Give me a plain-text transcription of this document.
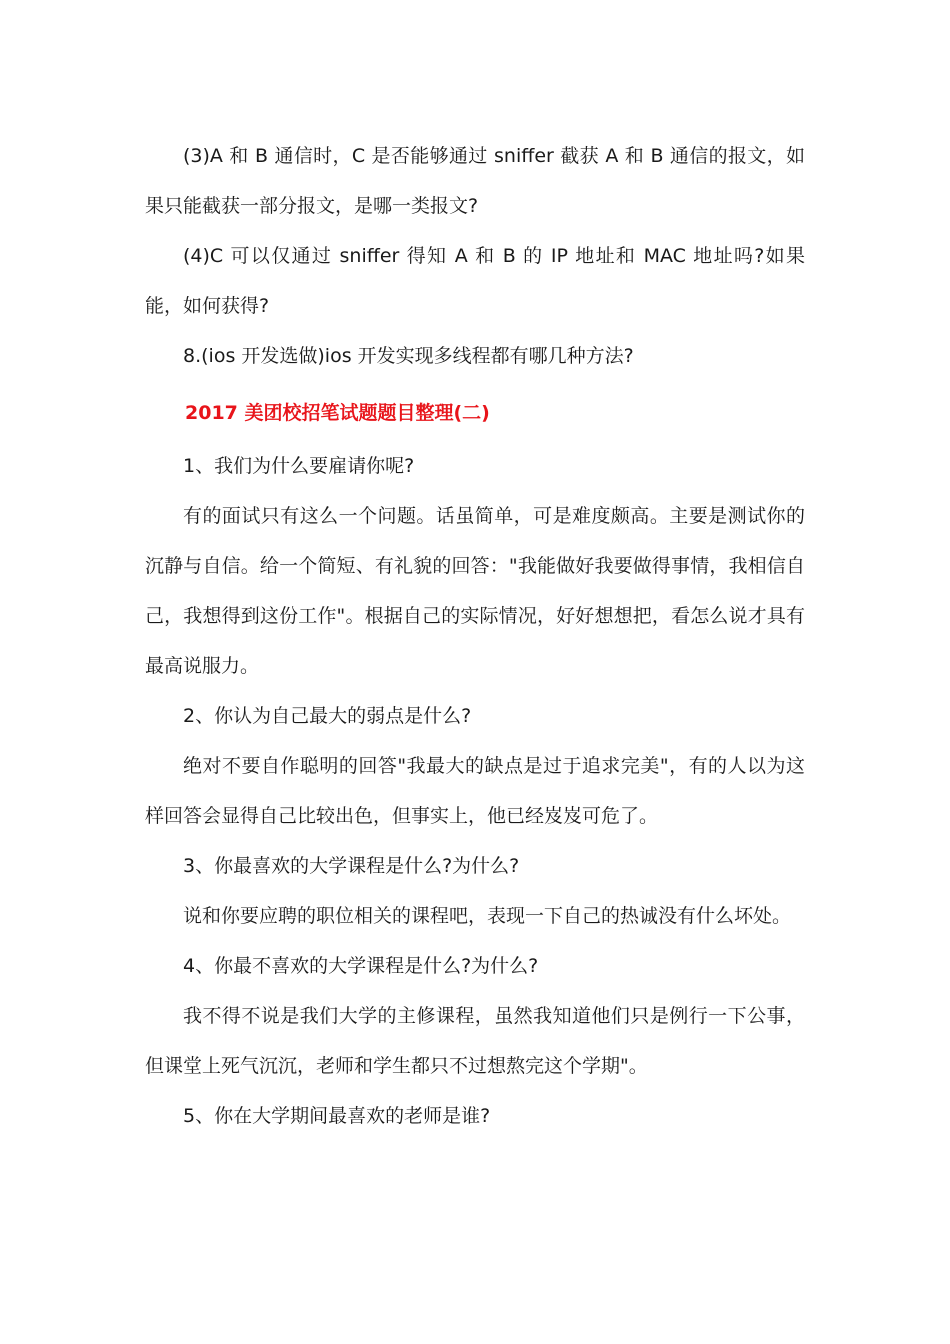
(3)A 和 B 通信时，C 是否能够通过 sniffer 截获 A 和 B 通信的报文，如果只能截获一部分报文，是哪一类报文?

(4)C 可以仅通过 sniffer 得知 A 和 B 的 IP 地址和 MAC 地址吗?如果能，如何获得?

8.(ios 开发选做)ios 开发实现多线程都有哪几种方法?

2017 美团校招笔试题题目整理(二)

1、我们为什么要雇请你呢?

有的面试只有这么一个问题。话虽简单，可是难度颇高。主要是测试你的沉静与自信。给一个简短、有礼貌的回答："我能做好我要做得事情，我相信自己，我想得到这份工作"。根据自己的实际情况，好好想想把，看怎么说才具有最高说服力。

2、你认为自己最大的弱点是什么?

绝对不要自作聪明的回答"我最大的缺点是过于追求完美"，有的人以为这样回答会显得自己比较出色，但事实上，他已经岌岌可危了。

3、你最喜欢的大学课程是什么?为什么?

说和你要应聘的职位相关的课程吧，表现一下自己的热诚没有什么坏处。

4、你最不喜欢的大学课程是什么?为什么?

我不得不说是我们大学的主修课程，虽然我知道他们只是例行一下公事，但课堂上死气沉沉，老师和学生都只不过想熬完这个学期"。

5、你在大学期间最喜欢的老师是谁?
